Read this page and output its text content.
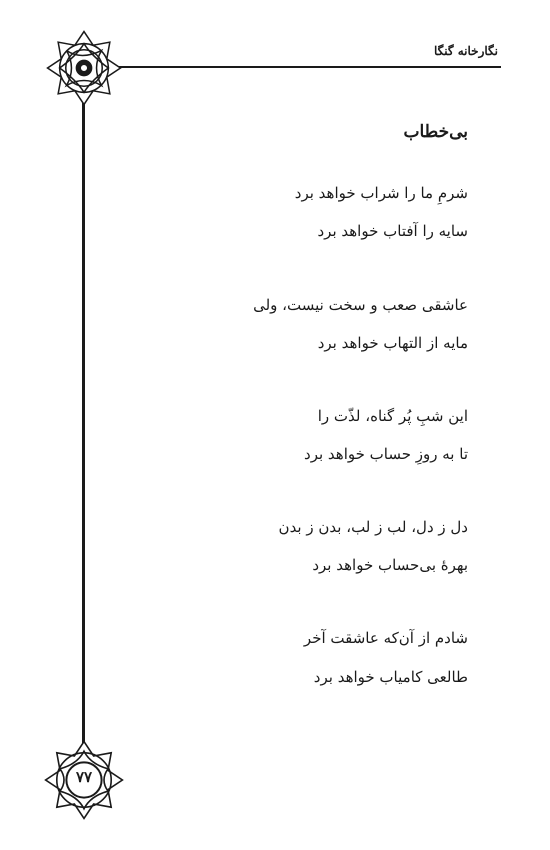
نگارخانه گنگا
بی‌خطاب
شرمِ ما را شراب خواهد برد
سایه را آفتاب خواهد برد
عاشقی صعب و سخت نیست، ولی
مایه از التهاب خواهد برد
این شبِ پُر گناه، لذّت را
تا به روزِ حساب خواهد برد
دل ز دل، لب ز لب، بدن ز بدن
بهرهٔ بی‌حساب خواهد برد
شادم از آن‌که عاشقت آخر
طالعی کامیاب خواهد برد
۷۷
